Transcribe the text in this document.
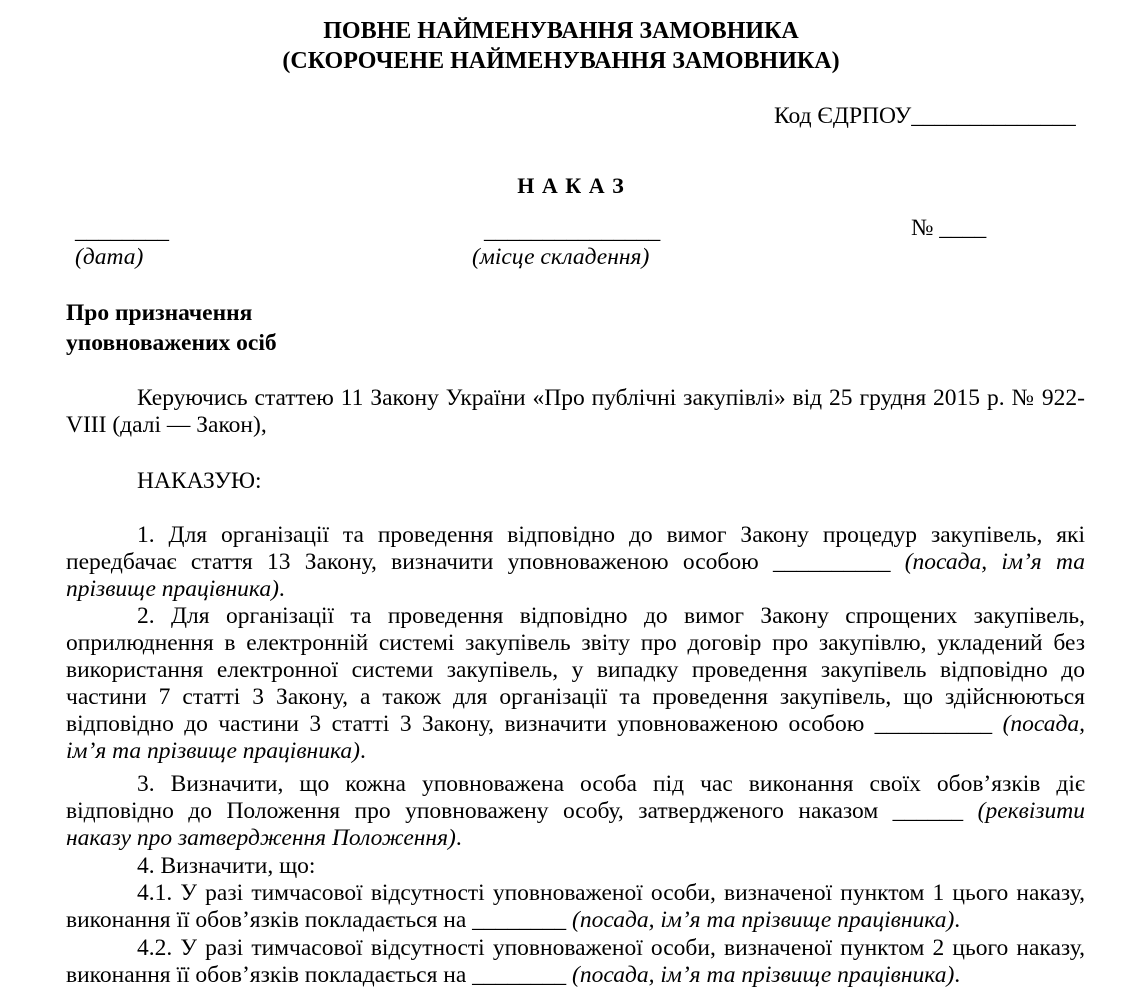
ПОВНЕ НАЙМЕНУВАННЯ ЗАМОВНИКА
(СКОРОЧЕНЕ НАЙМЕНУВАННЯ ЗАМОВНИКА)
Код ЄДРПОУ______________
Н А К А З
________
(дата)
_______________
(місце складення)
№ ____
Про призначення
уповноважених осіб
Керуючись статтею 11 Закону України «Про публічні закупівлі» від 25 грудня 2015 р. № 922-
VIII (далі — Закон),
НАКАЗУЮ:
1. Для організації та проведення відповідно до вимог Закону процедур закупівель, які
передбачає стаття 13 Закону, визначити уповноваженою особою __________ (посада, ім’я та
прізвище працівника).
2. Для організації та проведення відповідно до вимог Закону спрощених закупівель,
оприлюднення в електронній системі закупівель звіту про договір про закупівлю, укладений без
використання електронної системи закупівель, у випадку проведення закупівель відповідно до
частини 7 статті 3 Закону, а також для організації та проведення закупівель, що здійснюються
відповідно до частини 3 статті 3 Закону, визначити уповноваженою особою __________ (посада,
ім’я та прізвище працівника).
3. Визначити, що кожна уповноважена особа під час виконання своїх обов’язків діє
відповідно до Положення про уповноважену особу, затвердженого наказом ______ (реквізити
наказу про затвердження Положення).
4. Визначити, що:
4.1. У разі тимчасової відсутності уповноваженої особи, визначеної пунктом 1 цього наказу,
виконання її обов’язків покладається на ________ (посада, ім’я та прізвище працівника).
4.2. У разі тимчасової відсутності уповноваженої особи, визначеної пунктом 2 цього наказу,
виконання її обов’язків покладається на ________ (посада, ім’я та прізвище працівника).
